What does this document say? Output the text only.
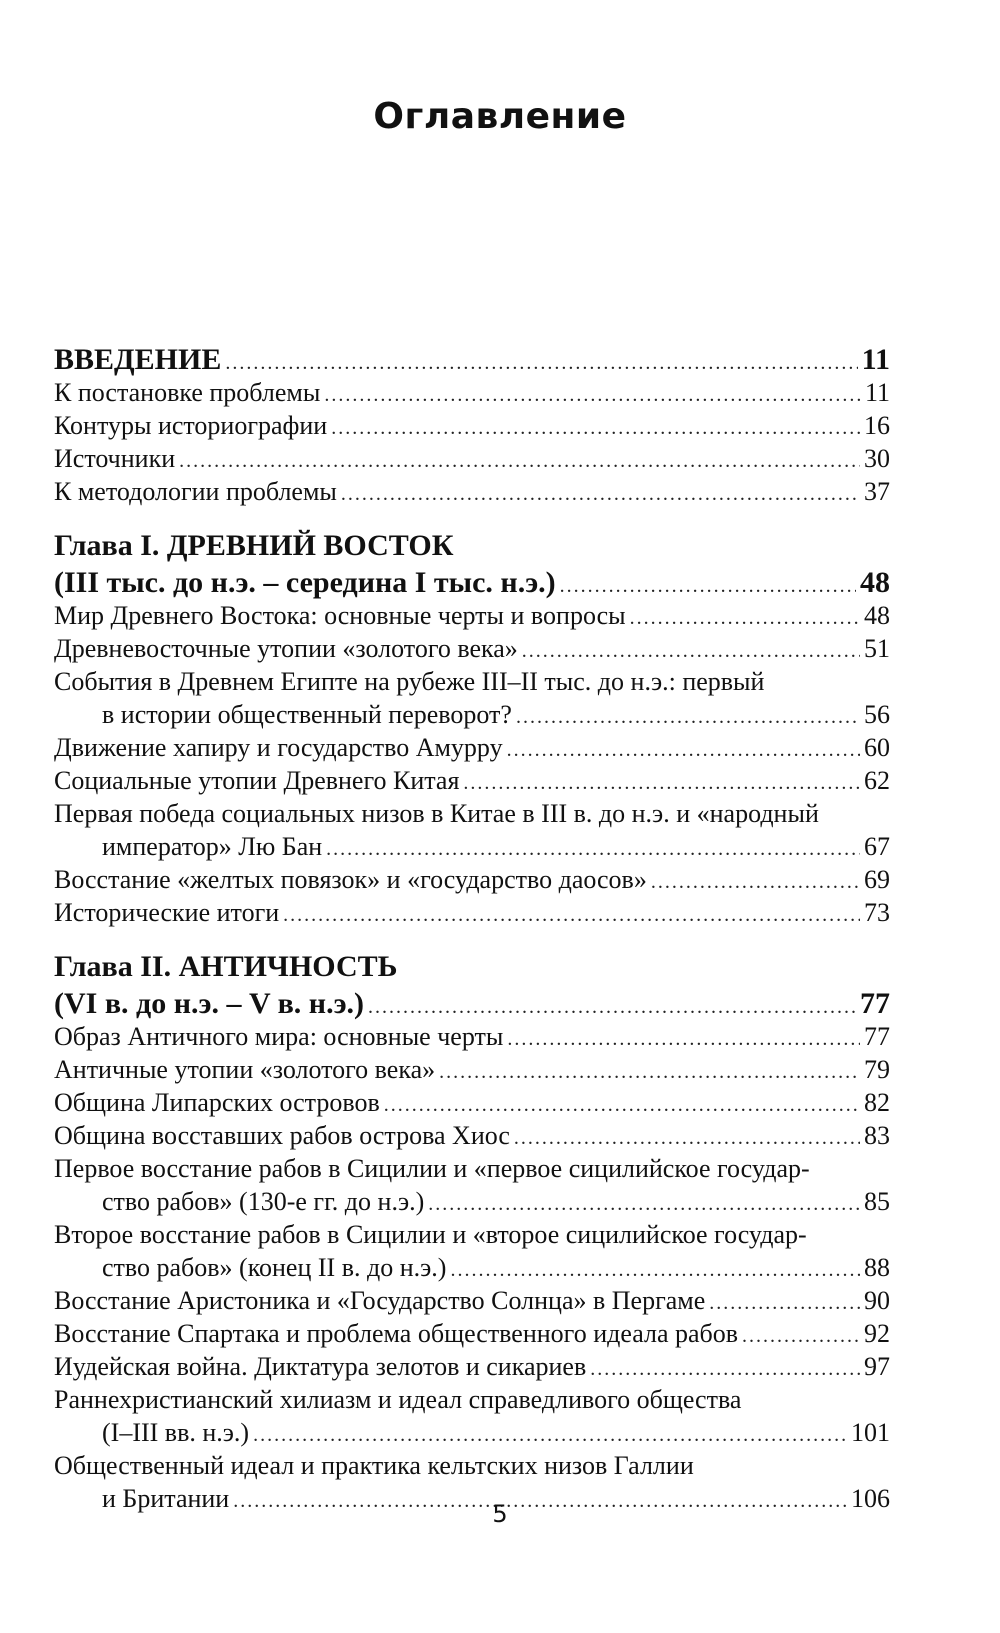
Оглавление
ВВЕДЕНИЕ .....	11
К постановке проблемы .....	11
Контуры историографии .....	16
Источники .....	30
К методологии проблемы .....	37
Глава I. ДРЕВНИЙ ВОСТОК
(III тыс. до н.э. – середина I тыс. н.э.) .....	48
Мир Древнего Востока: основные черты и вопросы .....	48
Древневосточные утопии «золотого века» .....	51
События в Древнем Египте на рубеже III–II тыс. до н.э.: первый
в истории общественный переворот? .....	56
Движение хапиру и государство Амурру .....	60
Социальные утопии Древнего Китая .....	62
Первая победа социальных низов в Китае в III в. до н.э. и «народный
император» Лю Бан .....	67
Восстание «желтых повязок» и «государство даосов» .....	69
Исторические итоги .....	73
Глава II. АНТИЧНОСТЬ
(VI в. до н.э. – V в. н.э.) .....	77
Образ Античного мира: основные черты .....	77
Античные утопии «золотого века» .....	79
Община Липарских островов .....	82
Община восставших рабов острова Хиос .....	83
Первое восстание рабов в Сицилии и «первое сицилийское государ-
ство рабов» (130-е гг. до н.э.) .....	85
Второе восстание рабов в Сицилии и «второе сицилийское государ-
ство рабов» (конец II в. до н.э.) .....	88
Восстание Аристоника и «Государство Солнца» в Пергаме .....	90
Восстание Спартака и проблема общественного идеала рабов .....	92
Иудейская война. Диктатура зелотов и сикариев .....	97
Раннехристианский хилиазм и идеал справедливого общества
(I–III вв. н.э.) .....	101
Общественный идеал и практика кельтских низов Галлии
и Британии .....	106
5
